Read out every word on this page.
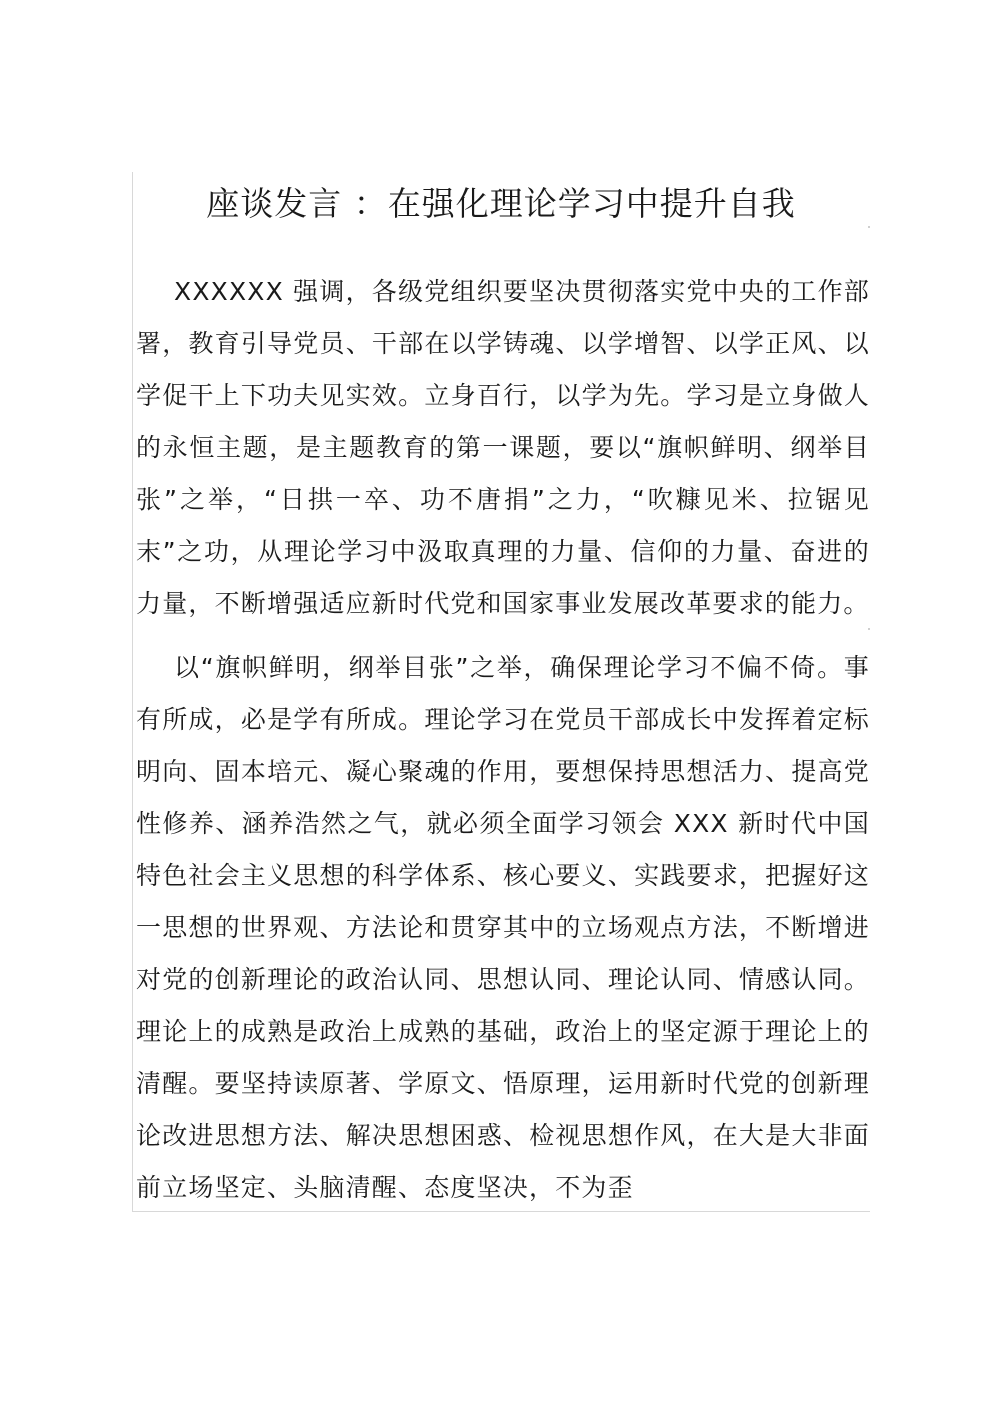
座谈发言 ：在强化理论学习中提升自我

XXXXXX 强调，各级党组织要坚决贯彻落实党中央的工作部署，教育引导党员、干部在以学铸魂、以学增智、以学正风、以学促干上下功夫见实效。立身百行，以学为先。学习是立身做人的永恒主题，是主题教育的第一课题，要以“旗帜鲜明、纲举目张”之举，“日拱一卒、功不唐捐”之力，“吹糠见米、拉锯见末”之功，从理论学习中汲取真理的力量、信仰的力量、奋进的力量，不断增强适应新时代党和国家事业发展改革要求的能力。

以“旗帜鲜明，纲举目张”之举，确保理论学习不偏不倚。事有所成，必是学有所成。理论学习在党员干部成长中发挥着定标明向、固本培元、凝心聚魂的作用，要想保持思想活力、提高党性修养、涵养浩然之气，就必须全面学习领会 XXX 新时代中国特色社会主义思想的科学体系、核心要义、实践要求，把握好这一思想的世界观、方法论和贯穿其中的立场观点方法，不断增进对党的创新理论的政治认同、思想认同、理论认同、情感认同。理论上的成熟是政治上成熟的基础，政治上的坚定源于理论上的清醒。要坚持读原著、学原文、悟原理，运用新时代党的创新理论改进思想方法、解决思想困惑、检视思想作风，在大是大非面前立场坚定、头脑清醒、态度坚决，不为歪
